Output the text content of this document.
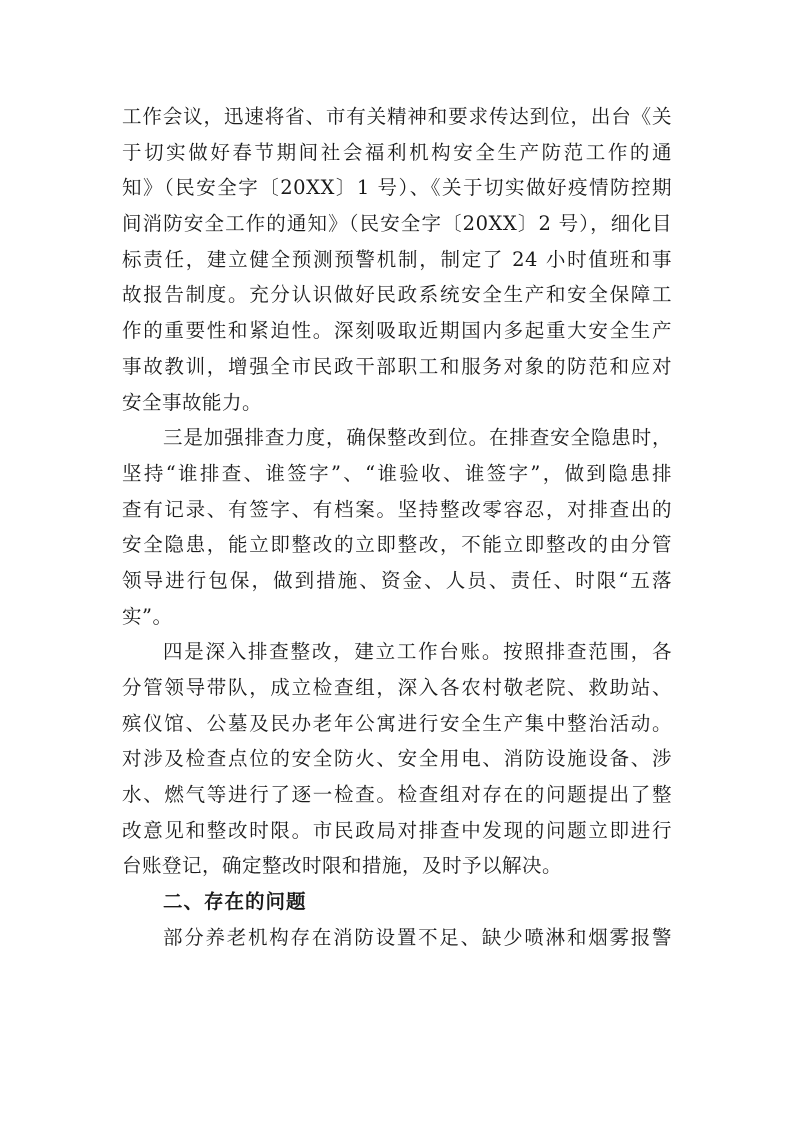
工作会议，迅速将省、市有关精神和要求传达到位，出台《关
于切实做好春节期间社会福利机构安全生产防范工作的通
知》（民安全字〔20XX〕1 号）、《关于切实做好疫情防控期
间消防安全工作的通知》（民安全字〔20XX〕2 号），细化目
标责任，建立健全预测预警机制，制定了 24 小时值班和事
故报告制度。充分认识做好民政系统安全生产和安全保障工
作的重要性和紧迫性。深刻吸取近期国内多起重大安全生产
事故教训，增强全市民政干部职工和服务对象的防范和应对
安全事故能力。
三是加强排查力度，确保整改到位。在排查安全隐患时，
坚持“谁排查、谁签字”、“谁验收、谁签字”，做到隐患排
查有记录、有签字、有档案。坚持整改零容忍，对排查出的
安全隐患，能立即整改的立即整改，不能立即整改的由分管
领导进行包保，做到措施、资金、人员、责任、时限“五落
实”。
四是深入排查整改，建立工作台账。按照排查范围，各
分管领导带队，成立检查组，深入各农村敬老院、救助站、
殡仪馆、公墓及民办老年公寓进行安全生产集中整治活动。
对涉及检查点位的安全防火、安全用电、消防设施设备、涉
水、燃气等进行了逐一检查。检查组对存在的问题提出了整
改意见和整改时限。市民政局对排查中发现的问题立即进行
台账登记，确定整改时限和措施，及时予以解决。
二、存在的问题
部分养老机构存在消防设置不足、缺少喷淋和烟雾报警
